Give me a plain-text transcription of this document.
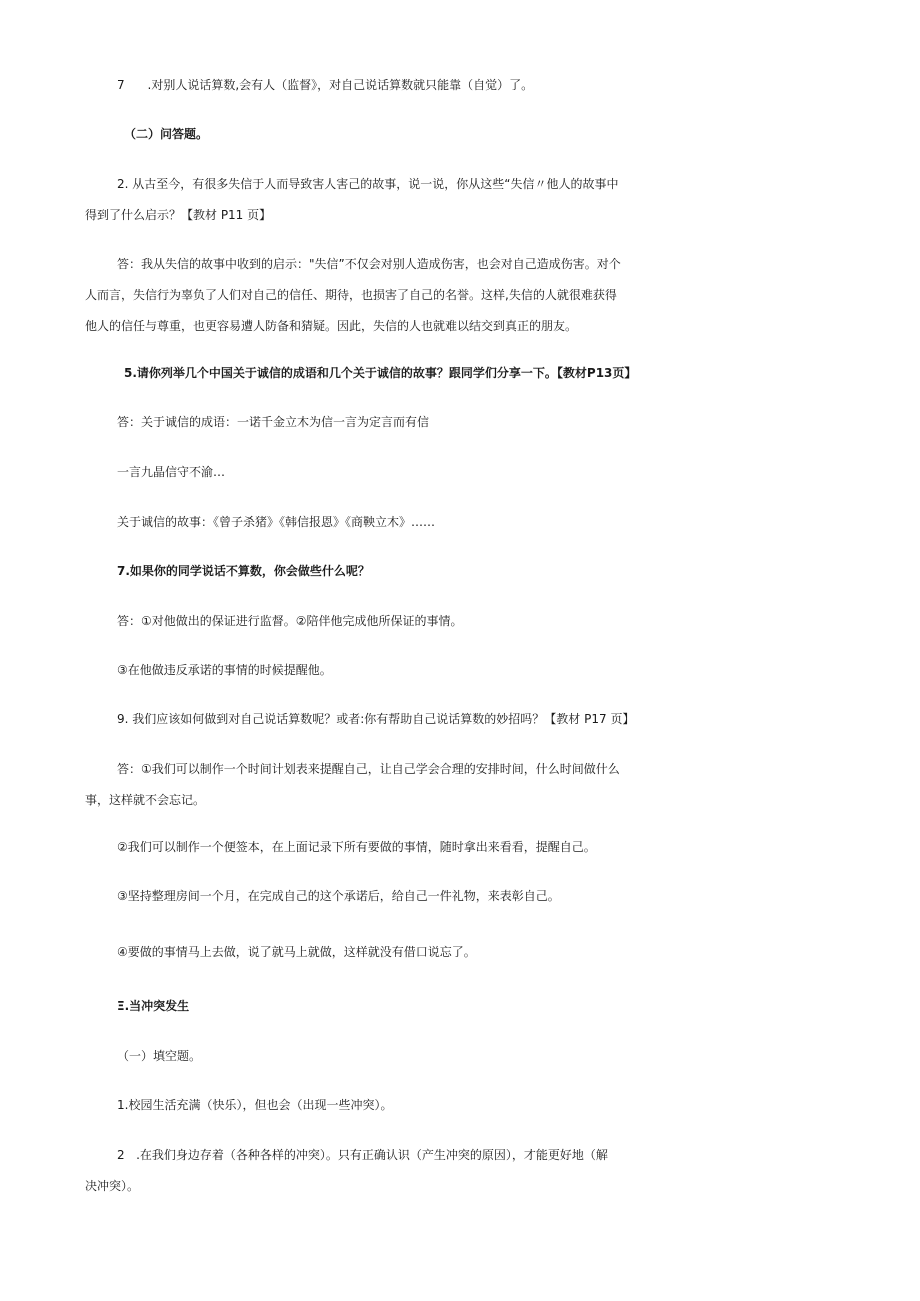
7      .对别人说话算数,会有人（监督》，对自己说话算数就只能靠（自觉）了。
（二）问答题。
2. 从古至今，有很多失信于人而导致害人害己的故事，说一说，你从这些“失信〃他人的故事中
得到了什么启示？【教材 P11 页】
答：我从失信的故事中收到的启示："失信”不仅会对别人造成伤害，也会对自己造成伤害。对个
人而言，失信行为辜负了人们对自己的信任、期待，也损害了自己的名誉。这样,失信的人就很难获得
他人的信任与尊重，也更容易遭人防备和猜疑。因此，失信的人也就难以结交到真正的朋友。
5.请你列举几个中国关于诚信的成语和几个关于诚信的故事？跟同学们分享一下。【教材P13页】
答：关于诚信的成语：一诺千金立木为信一言为定言而有信
一言九晶信守不渝…
关于诚信的故事：《曾子杀猪》《韩信报恩》《商鞅立木》……
7.如果你的同学说话不算数，你会做些什么呢？
答：①对他做出的保证进行监督。②陪伴他完成他所保证的事情。
③在他做违反承诺的事情的时候提醒他。
9. 我们应该如何做到对自己说话算数呢？或者:你有帮助自己说话算数的妙招吗？【教材 P17 页】
答：①我们可以制作一个时间计划表来提醒自己，让自己学会合理的安排时间，什么时间做什么
事，这样就不会忘记。
②我们可以制作一个便签本，在上面记录下所有要做的事情，随时拿出来看看，提醒自己。
③坚持整理房间一个月，在完成自己的这个承诺后，给自己一件礼物，来表彰自己。
④要做的事情马上去做，说了就马上就做，这样就没有借口说忘了。
Ξ.当冲突发生
（一）填空题。
1.校园生活充满（快乐），但也会（出现一些冲突）。
2   .在我们身边存着（各种各样的冲突）。只有正确认识（产生冲突的原因），才能更好地（解
决冲突）。
